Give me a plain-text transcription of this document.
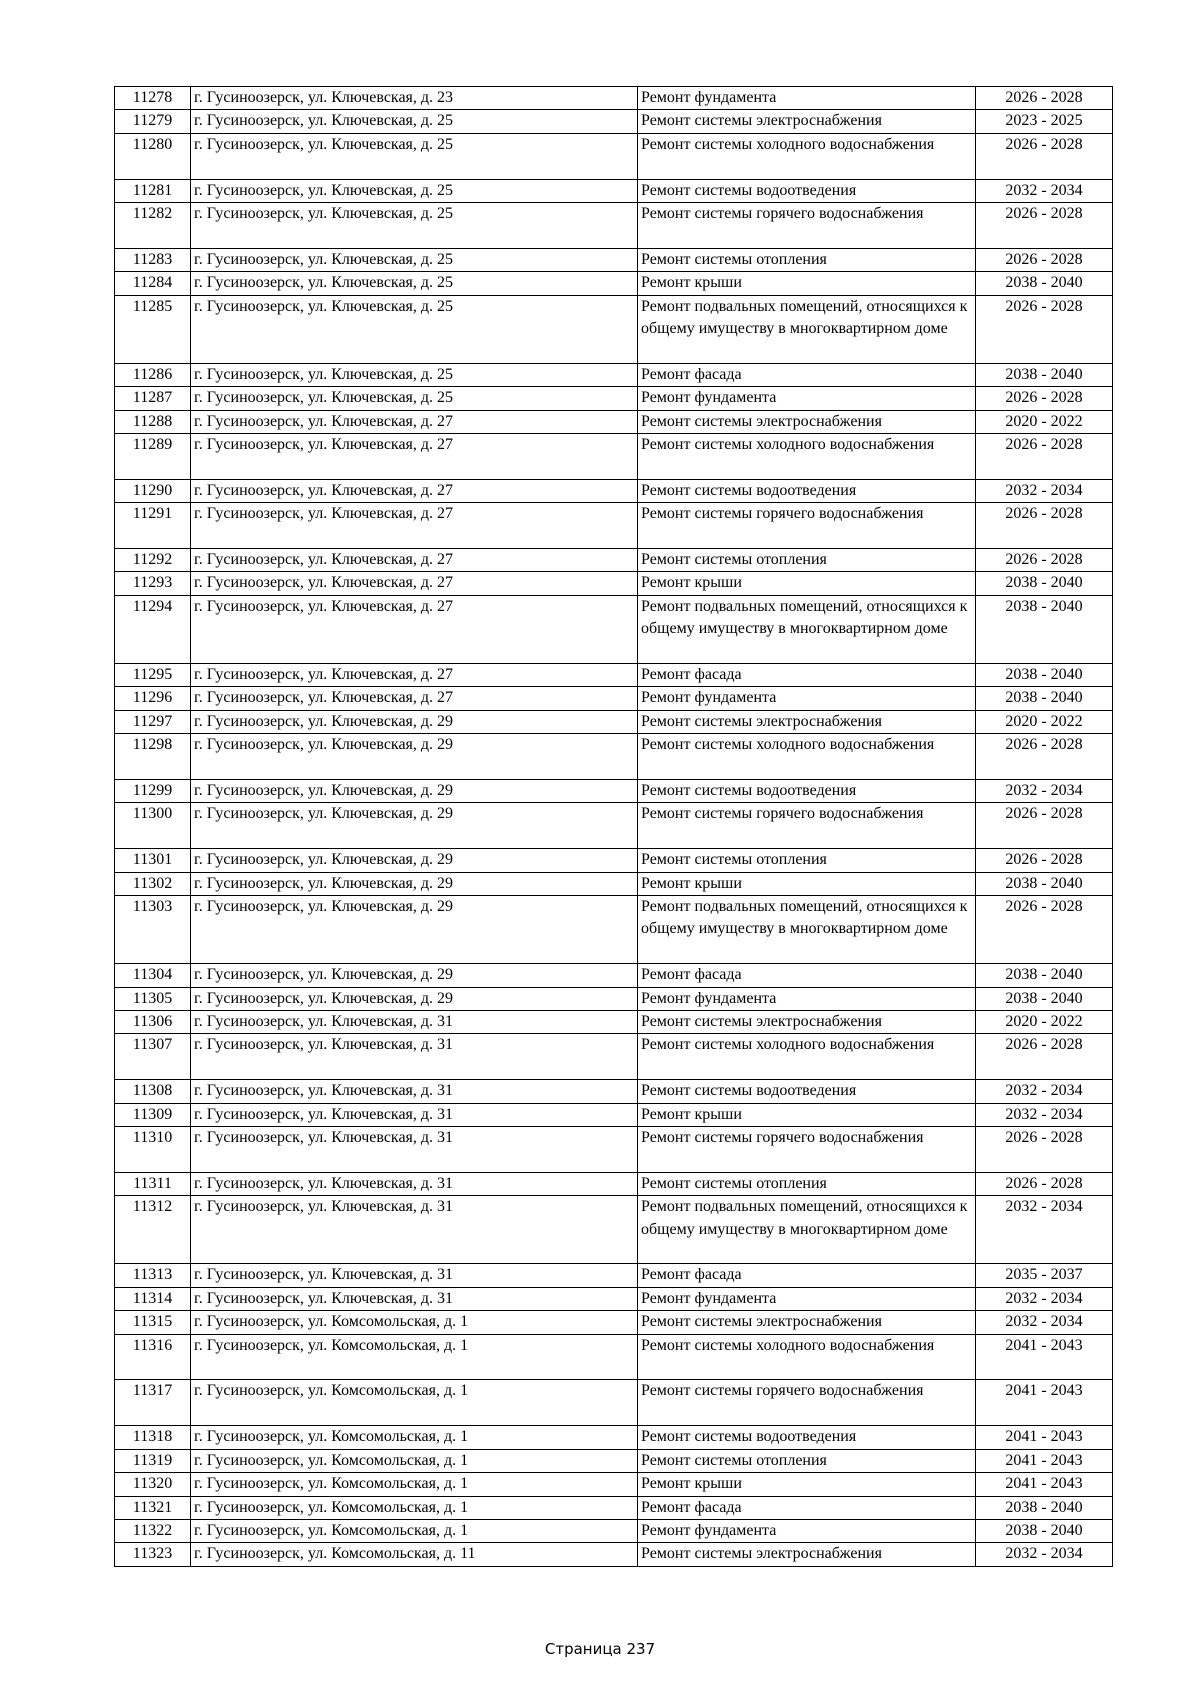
11278	г. Гусиноозерск, ул. Ключевская, д. 23	Ремонт фундамента	2026 - 2028
11279	г. Гусиноозерск, ул. Ключевская, д. 25	Ремонт системы электроснабжения	2023 - 2025
11280	г. Гусиноозерск, ул. Ключевская, д. 25	Ремонт системы холодного водоснабжения	2026 - 2028
11281	г. Гусиноозерск, ул. Ключевская, д. 25	Ремонт системы водоотведения	2032 - 2034
11282	г. Гусиноозерск, ул. Ключевская, д. 25	Ремонт системы горячего водоснабжения	2026 - 2028
11283	г. Гусиноозерск, ул. Ключевская, д. 25	Ремонт системы отопления	2026 - 2028
11284	г. Гусиноозерск, ул. Ключевская, д. 25	Ремонт крыши	2038 - 2040
11285	г. Гусиноозерск, ул. Ключевская, д. 25	Ремонт подвальных помещений, относящихся к общему имуществу в многоквартирном доме	2026 - 2028
11286	г. Гусиноозерск, ул. Ключевская, д. 25	Ремонт фасада	2038 - 2040
11287	г. Гусиноозерск, ул. Ключевская, д. 25	Ремонт фундамента	2026 - 2028
11288	г. Гусиноозерск, ул. Ключевская, д. 27	Ремонт системы электроснабжения	2020 - 2022
11289	г. Гусиноозерск, ул. Ключевская, д. 27	Ремонт системы холодного водоснабжения	2026 - 2028
11290	г. Гусиноозерск, ул. Ключевская, д. 27	Ремонт системы водоотведения	2032 - 2034
11291	г. Гусиноозерск, ул. Ключевская, д. 27	Ремонт системы горячего водоснабжения	2026 - 2028
11292	г. Гусиноозерск, ул. Ключевская, д. 27	Ремонт системы отопления	2026 - 2028
11293	г. Гусиноозерск, ул. Ключевская, д. 27	Ремонт крыши	2038 - 2040
11294	г. Гусиноозерск, ул. Ключевская, д. 27	Ремонт подвальных помещений, относящихся к общему имуществу в многоквартирном доме	2038 - 2040
11295	г. Гусиноозерск, ул. Ключевская, д. 27	Ремонт фасада	2038 - 2040
11296	г. Гусиноозерск, ул. Ключевская, д. 27	Ремонт фундамента	2038 - 2040
11297	г. Гусиноозерск, ул. Ключевская, д. 29	Ремонт системы электроснабжения	2020 - 2022
11298	г. Гусиноозерск, ул. Ключевская, д. 29	Ремонт системы холодного водоснабжения	2026 - 2028
11299	г. Гусиноозерск, ул. Ключевская, д. 29	Ремонт системы водоотведения	2032 - 2034
11300	г. Гусиноозерск, ул. Ключевская, д. 29	Ремонт системы горячего водоснабжения	2026 - 2028
11301	г. Гусиноозерск, ул. Ключевская, д. 29	Ремонт системы отопления	2026 - 2028
11302	г. Гусиноозерск, ул. Ключевская, д. 29	Ремонт крыши	2038 - 2040
11303	г. Гусиноозерск, ул. Ключевская, д. 29	Ремонт подвальных помещений, относящихся к общему имуществу в многоквартирном доме	2026 - 2028
11304	г. Гусиноозерск, ул. Ключевская, д. 29	Ремонт фасада	2038 - 2040
11305	г. Гусиноозерск, ул. Ключевская, д. 29	Ремонт фундамента	2038 - 2040
11306	г. Гусиноозерск, ул. Ключевская, д. 31	Ремонт системы электроснабжения	2020 - 2022
11307	г. Гусиноозерск, ул. Ключевская, д. 31	Ремонт системы холодного водоснабжения	2026 - 2028
11308	г. Гусиноозерск, ул. Ключевская, д. 31	Ремонт системы водоотведения	2032 - 2034
11309	г. Гусиноозерск, ул. Ключевская, д. 31	Ремонт крыши	2032 - 2034
11310	г. Гусиноозерск, ул. Ключевская, д. 31	Ремонт системы горячего водоснабжения	2026 - 2028
11311	г. Гусиноозерск, ул. Ключевская, д. 31	Ремонт системы отопления	2026 - 2028
11312	г. Гусиноозерск, ул. Ключевская, д. 31	Ремонт подвальных помещений, относящихся к общему имуществу в многоквартирном доме	2032 - 2034
11313	г. Гусиноозерск, ул. Ключевская, д. 31	Ремонт фасада	2035 - 2037
11314	г. Гусиноозерск, ул. Ключевская, д. 31	Ремонт фундамента	2032 - 2034
11315	г. Гусиноозерск, ул. Комсомольская, д. 1	Ремонт системы электроснабжения	2032 - 2034
11316	г. Гусиноозерск, ул. Комсомольская, д. 1	Ремонт системы холодного водоснабжения	2041 - 2043
11317	г. Гусиноозерск, ул. Комсомольская, д. 1	Ремонт системы горячего водоснабжения	2041 - 2043
11318	г. Гусиноозерск, ул. Комсомольская, д. 1	Ремонт системы водоотведения	2041 - 2043
11319	г. Гусиноозерск, ул. Комсомольская, д. 1	Ремонт системы отопления	2041 - 2043
11320	г. Гусиноозерск, ул. Комсомольская, д. 1	Ремонт крыши	2041 - 2043
11321	г. Гусиноозерск, ул. Комсомольская, д. 1	Ремонт фасада	2038 - 2040
11322	г. Гусиноозерск, ул. Комсомольская, д. 1	Ремонт фундамента	2038 - 2040
11323	г. Гусиноозерск, ул. Комсомольская, д. 11	Ремонт системы электроснабжения	2032 - 2034
Страница 237
